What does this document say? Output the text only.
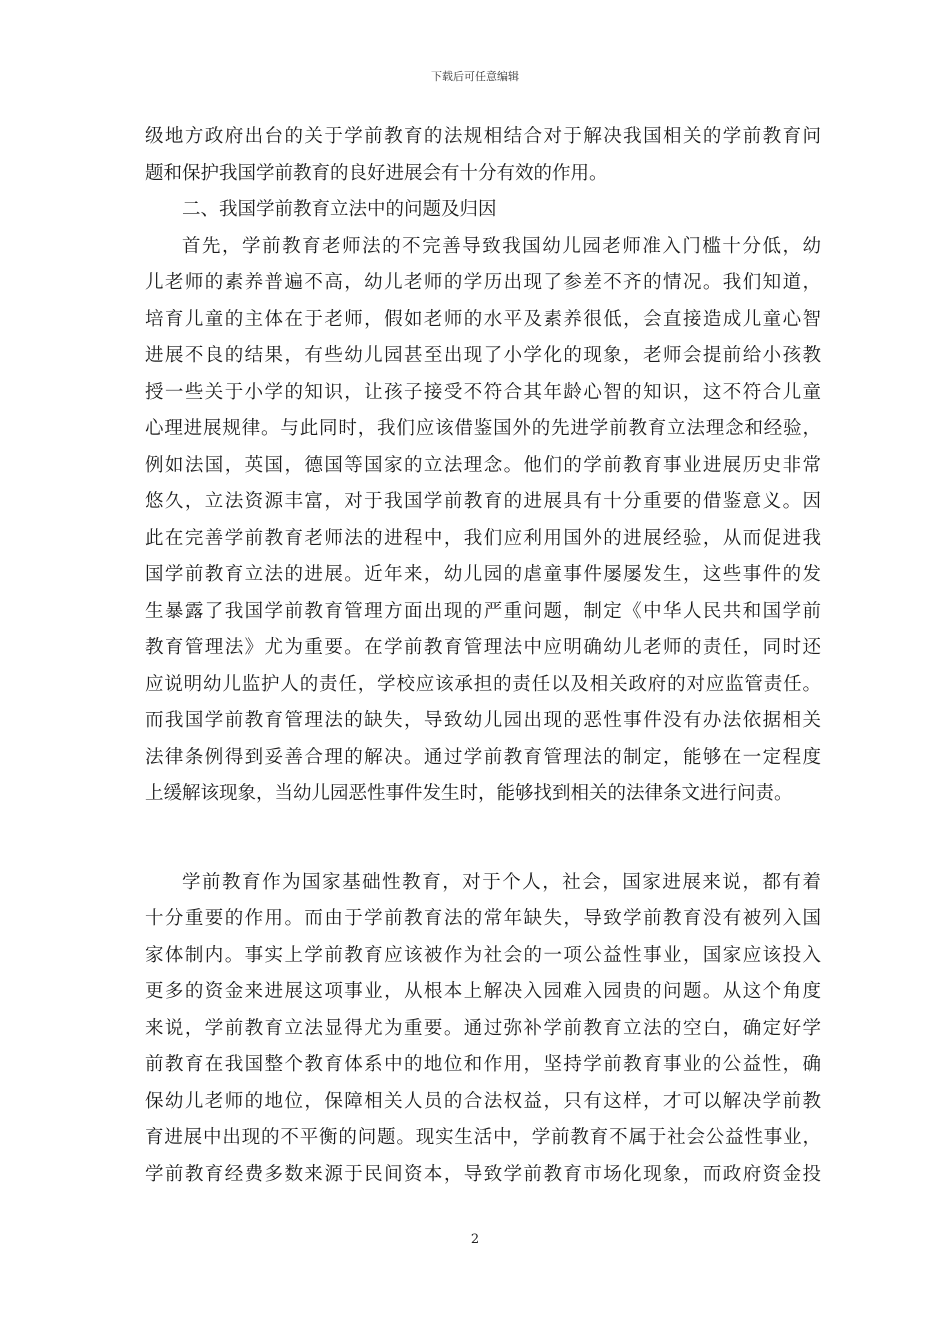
下载后可任意编辑
级地方政府出台的关于学前教育的法规相结合对于解决我国相关的学前教育问
题和保护我国学前教育的良好进展会有十分有效的作用。
二、我国学前教育立法中的问题及归因
首先，学前教育老师法的不完善导致我国幼儿园老师准入门槛十分低，幼
儿老师的素养普遍不高，幼儿老师的学历出现了参差不齐的情况。我们知道，
培育儿童的主体在于老师，假如老师的水平及素养很低，会直接造成儿童心智
进展不良的结果，有些幼儿园甚至出现了小学化的现象，老师会提前给小孩教
授一些关于小学的知识，让孩子接受不符合其年龄心智的知识，这不符合儿童
心理进展规律。与此同时，我们应该借鉴国外的先进学前教育立法理念和经验，
例如法国，英国，德国等国家的立法理念。他们的学前教育事业进展历史非常
悠久，立法资源丰富，对于我国学前教育的进展具有十分重要的借鉴意义。因
此在完善学前教育老师法的进程中，我们应利用国外的进展经验，从而促进我
国学前教育立法的进展。近年来，幼儿园的虐童事件屡屡发生，这些事件的发
生暴露了我国学前教育管理方面出现的严重问题，制定《中华人民共和国学前
教育管理法》尤为重要。在学前教育管理法中应明确幼儿老师的责任，同时还
应说明幼儿监护人的责任，学校应该承担的责任以及相关政府的对应监管责任。
而我国学前教育管理法的缺失，导致幼儿园出现的恶性事件没有办法依据相关
法律条例得到妥善合理的解决。通过学前教育管理法的制定，能够在一定程度
上缓解该现象，当幼儿园恶性事件发生时，能够找到相关的法律条文进行问责。
学前教育作为国家基础性教育，对于个人，社会，国家进展来说，都有着
十分重要的作用。而由于学前教育法的常年缺失，导致学前教育没有被列入国
家体制内。事实上学前教育应该被作为社会的一项公益性事业，国家应该投入
更多的资金来进展这项事业，从根本上解决入园难入园贵的问题。从这个角度
来说，学前教育立法显得尤为重要。通过弥补学前教育立法的空白，确定好学
前教育在我国整个教育体系中的地位和作用，坚持学前教育事业的公益性，确
保幼儿老师的地位，保障相关人员的合法权益，只有这样，才可以解决学前教
育进展中出现的不平衡的问题。现实生活中，学前教育不属于社会公益性事业，
学前教育经费多数来源于民间资本，导致学前教育市场化现象，而政府资金投
2
